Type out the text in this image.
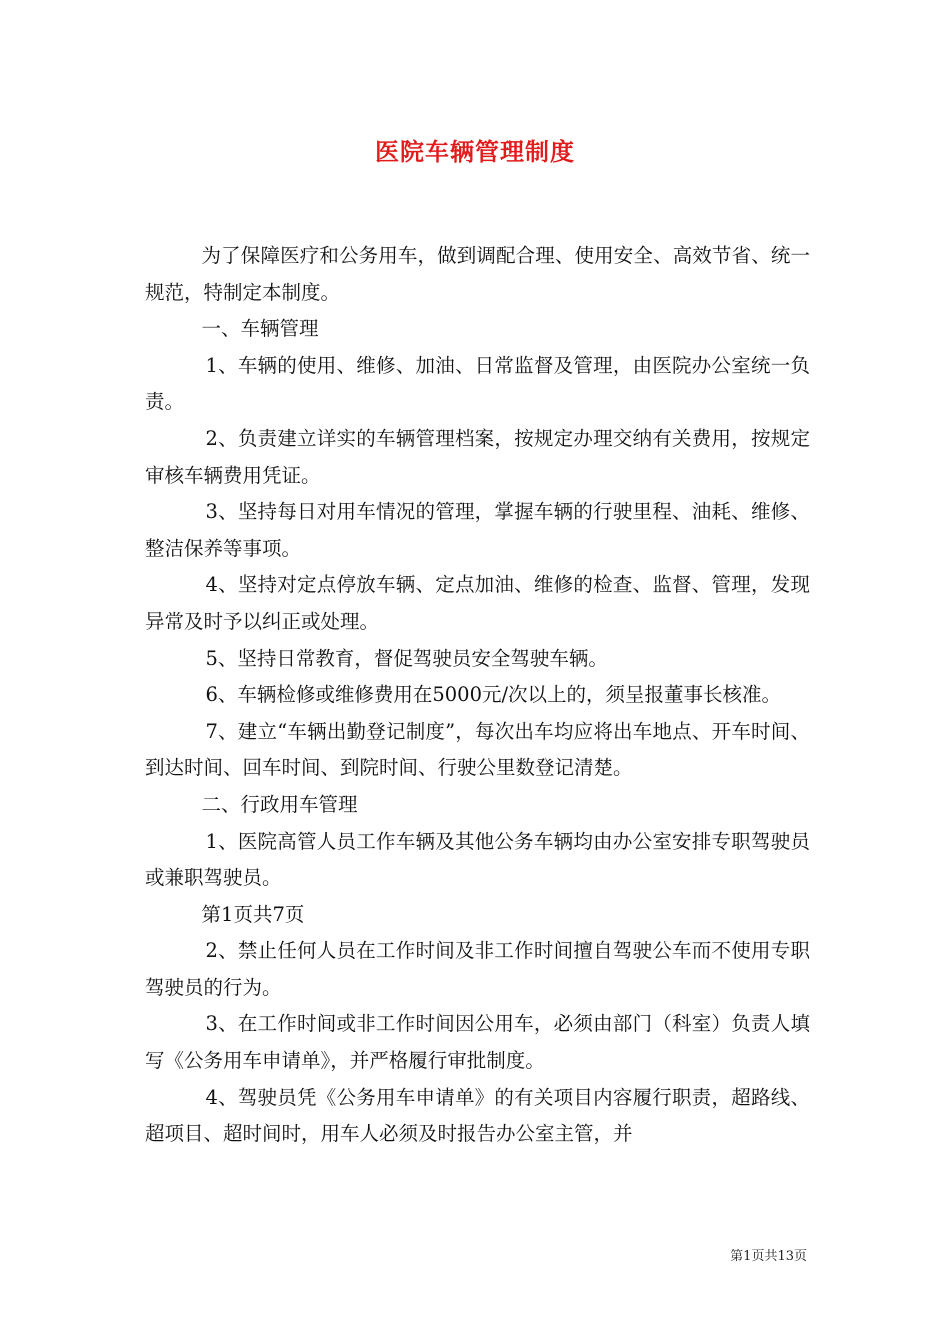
医院车辆管理制度

为了保障医疗和公务用车，做到调配合理、使用安全、高效节省、统一规范，特制定本制度。

一、车辆管理

1、车辆的使用、维修、加油、日常监督及管理，由医院办公室统一负责。

2、负责建立详实的车辆管理档案，按规定办理交纳有关费用，按规定审核车辆费用凭证。

3、坚持每日对用车情况的管理，掌握车辆的行驶里程、油耗、维修、整洁保养等事项。

4、坚持对定点停放车辆、定点加油、维修的检查、监督、管理，发现异常及时予以纠正或处理。

5、坚持日常教育，督促驾驶员安全驾驶车辆。

6、车辆检修或维修费用在5000元/次以上的，须呈报董事长核准。

7、建立“车辆出勤登记制度”，每次出车均应将出车地点、开车时间、到达时间、回车时间、到院时间、行驶公里数登记清楚。

二、行政用车管理

1、医院高管人员工作车辆及其他公务车辆均由办公室安排专职驾驶员或兼职驾驶员。

第1页共7页

2、禁止任何人员在工作时间及非工作时间擅自驾驶公车而不使用专职驾驶员的行为。

3、在工作时间或非工作时间因公用车，必须由部门（科室）负责人填写《公务用车申请单》，并严格履行审批制度。

4、驾驶员凭《公务用车申请单》的有关项目内容履行职责，超路线、超项目、超时间时，用车人必须及时报告办公室主管，并

第1页共13页
